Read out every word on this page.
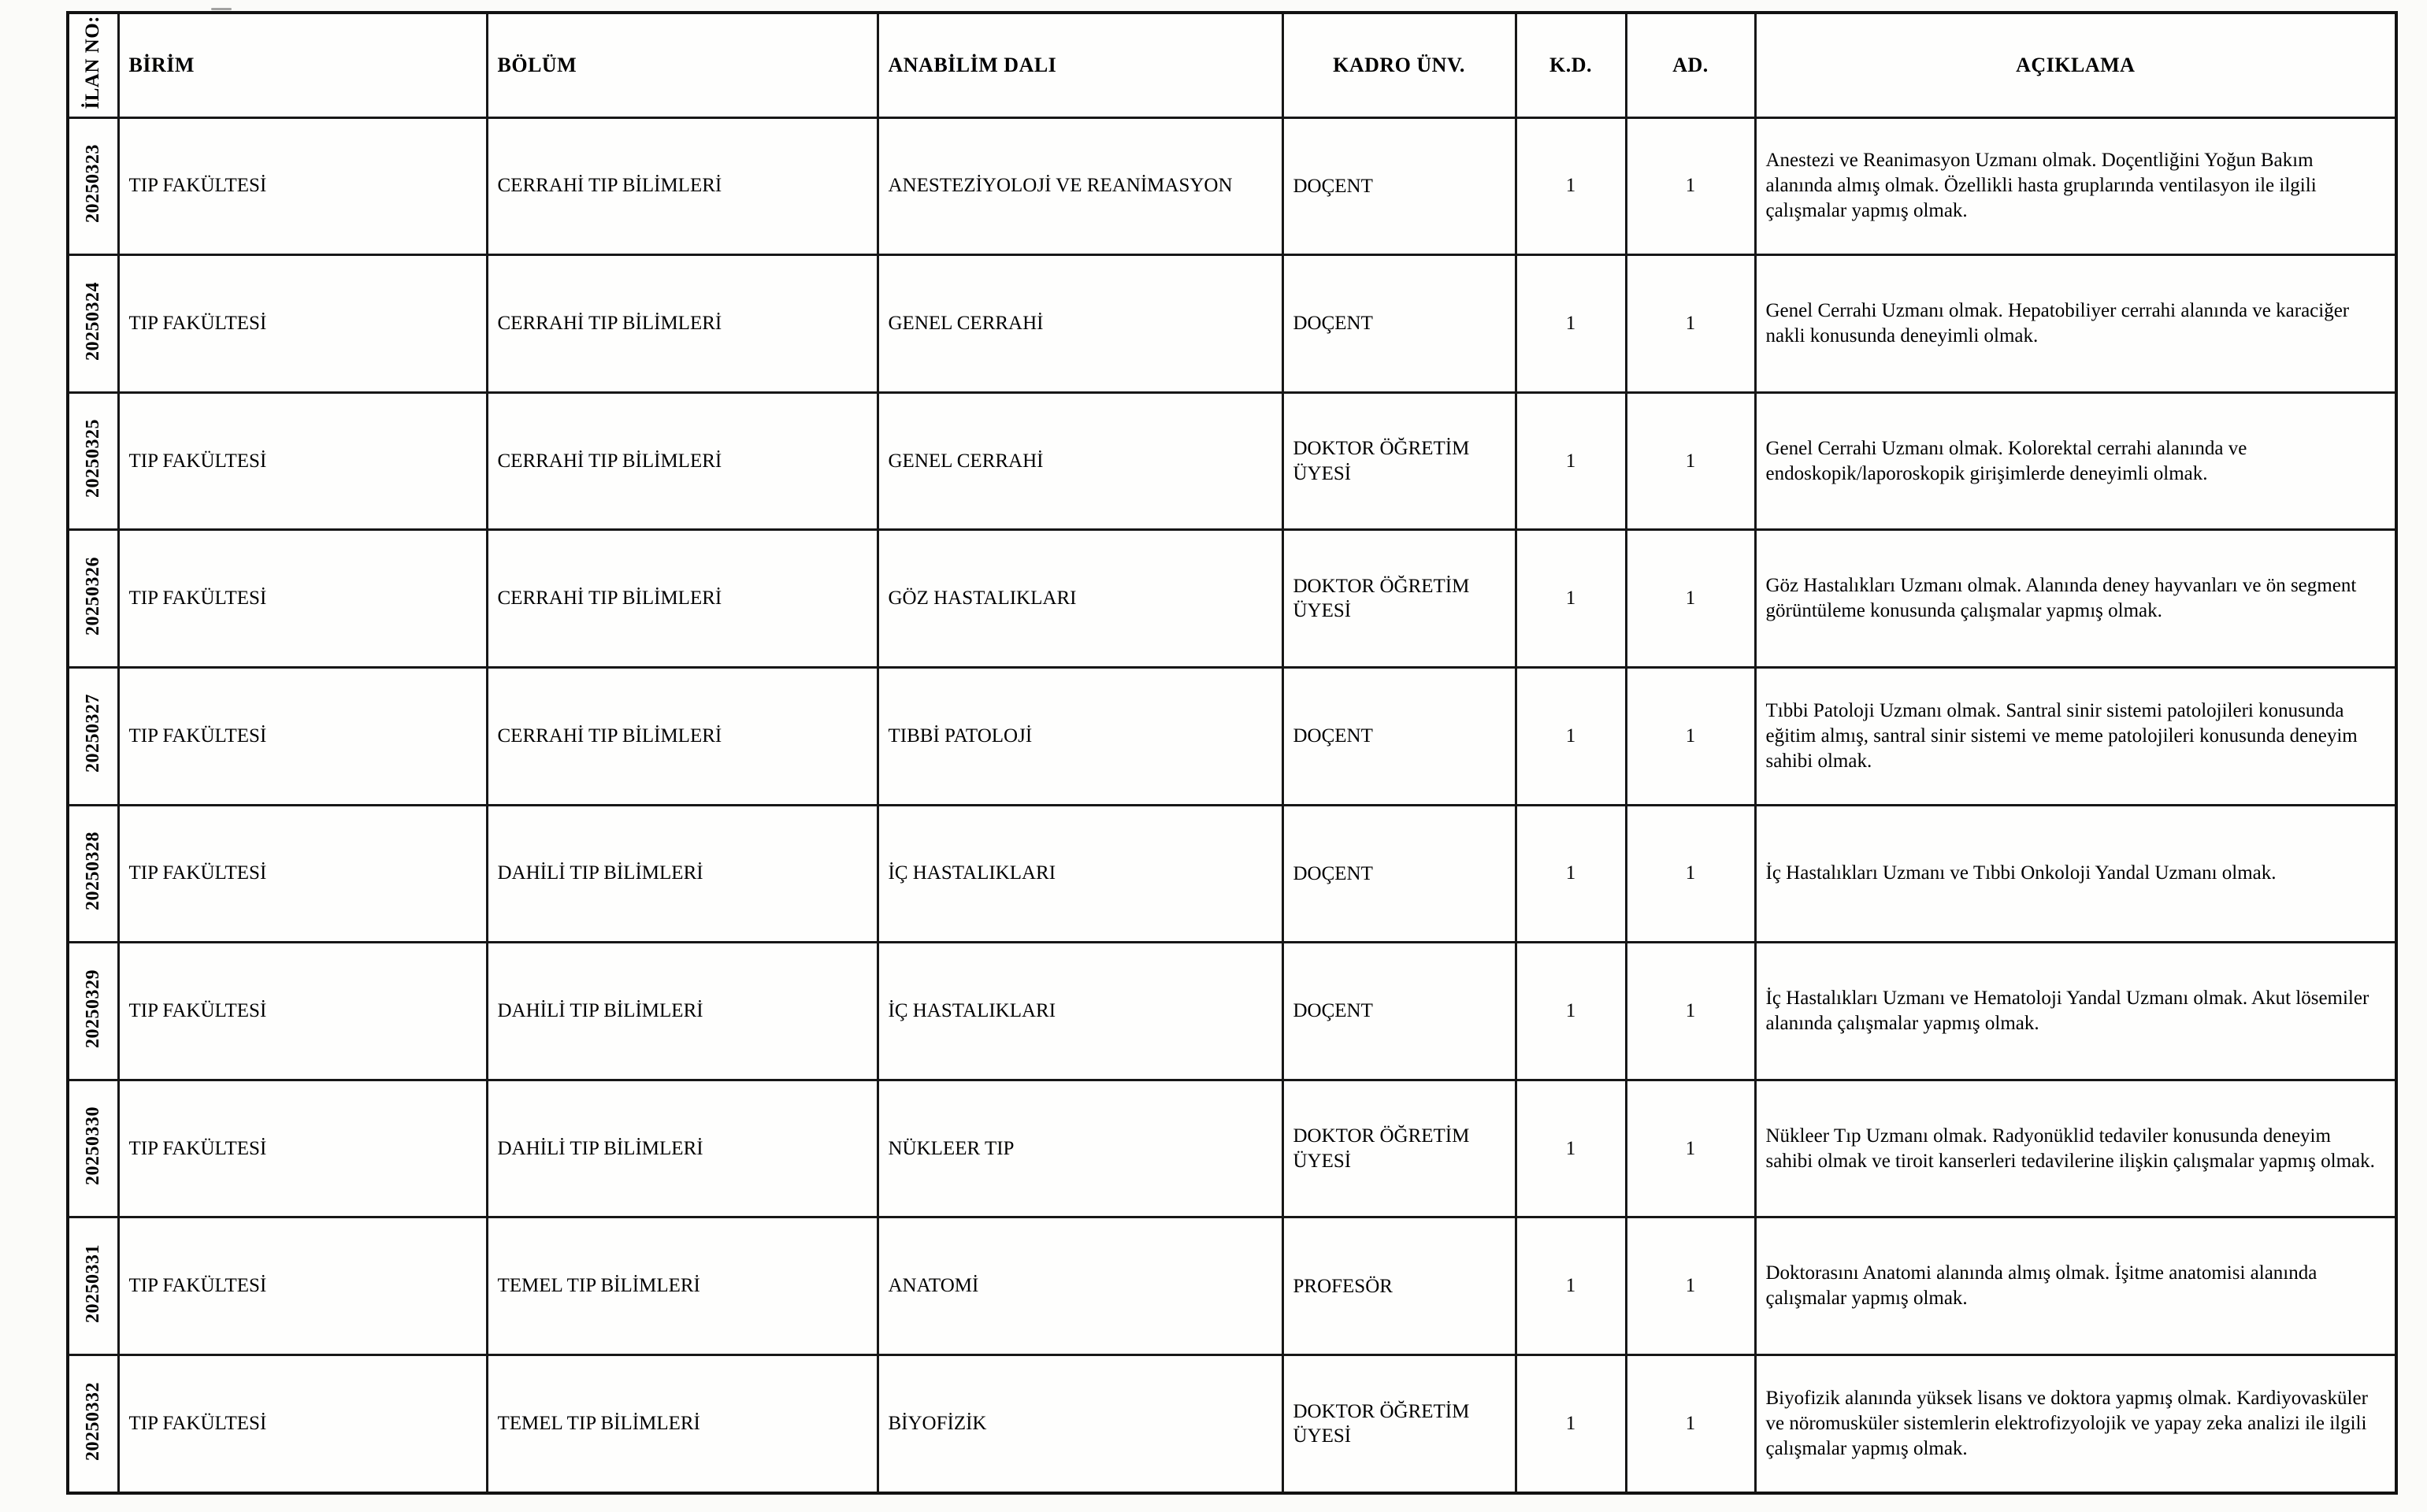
İLAN NO:	BİRİM	BÖLÜM	ANABİLİM DALI	KADRO ÜNV.	K.D.	AD.	AÇIKLAMA
20250323	TIP FAKÜLTESİ	CERRAHİ TIP BİLİMLERİ	ANESTEZİYOLOJİ VE REANİMASYON	DOÇENT	1	1	Anestezi ve Reanimasyon Uzmanı olmak. Doçentliğini Yoğun Bakım alanında almış olmak. Özellikli hasta gruplarında ventilasyon ile ilgili çalışmalar yapmış olmak.
20250324	TIP FAKÜLTESİ	CERRAHİ TIP BİLİMLERİ	GENEL CERRAHİ	DOÇENT	1	1	Genel Cerrahi Uzmanı olmak. Hepatobiliyer cerrahi alanında ve karaciğer nakli konusunda deneyimli olmak.
20250325	TIP FAKÜLTESİ	CERRAHİ TIP BİLİMLERİ	GENEL CERRAHİ	DOKTOR ÖĞRETİM ÜYESİ	1	1	Genel Cerrahi Uzmanı olmak. Kolorektal cerrahi alanında ve endoskopik/laporoskopik girişimlerde deneyimli olmak.
20250326	TIP FAKÜLTESİ	CERRAHİ TIP BİLİMLERİ	GÖZ HASTALIKLARI	DOKTOR ÖĞRETİM ÜYESİ	1	1	Göz Hastalıkları Uzmanı olmak. Alanında deney hayvanları ve ön segment görüntüleme konusunda çalışmalar yapmış olmak.
20250327	TIP FAKÜLTESİ	CERRAHİ TIP BİLİMLERİ	TIBBİ PATOLOJİ	DOÇENT	1	1	Tıbbi Patoloji Uzmanı olmak. Santral sinir sistemi patolojileri konusunda eğitim almış, santral sinir sistemi ve meme patolojileri konusunda deneyim sahibi olmak.
20250328	TIP FAKÜLTESİ	DAHİLİ TIP BİLİMLERİ	İÇ HASTALIKLARI	DOÇENT	1	1	İç Hastalıkları Uzmanı ve Tıbbi Onkoloji Yandal Uzmanı olmak.
20250329	TIP FAKÜLTESİ	DAHİLİ TIP BİLİMLERİ	İÇ HASTALIKLARI	DOÇENT	1	1	İç Hastalıkları Uzmanı ve Hematoloji Yandal Uzmanı olmak. Akut lösemiler alanında çalışmalar yapmış olmak.
20250330	TIP FAKÜLTESİ	DAHİLİ TIP BİLİMLERİ	NÜKLEER TIP	DOKTOR ÖĞRETİM ÜYESİ	1	1	Nükleer Tıp Uzmanı olmak. Radyonüklid tedaviler konusunda deneyim sahibi olmak ve tiroit kanserleri tedavilerine ilişkin çalışmalar yapmış olmak.
20250331	TIP FAKÜLTESİ	TEMEL TIP BİLİMLERİ	ANATOMİ	PROFESÖR	1	1	Doktorasını Anatomi alanında almış olmak. İşitme anatomisi alanında çalışmalar yapmış olmak.
20250332	TIP FAKÜLTESİ	TEMEL TIP BİLİMLERİ	BİYOFİZİK	DOKTOR ÖĞRETİM ÜYESİ	1	1	Biyofizik alanında yüksek lisans ve doktora yapmış olmak. Kardiyovasküler ve nöromusküler sistemlerin elektrofizyolojik ve yapay zeka analizi ile ilgili çalışmalar yapmış olmak.
